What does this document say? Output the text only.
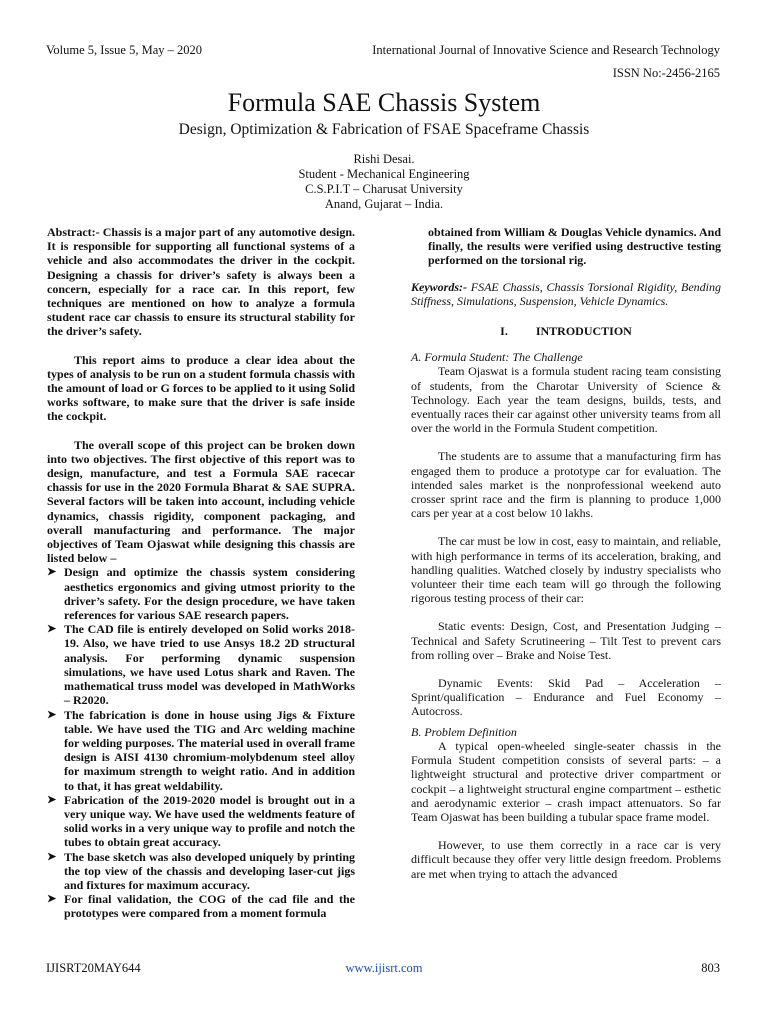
Volume 5, Issue 5, May – 2020	International Journal of Innovative Science and Research Technology
ISSN No:-2456-2165
Formula SAE Chassis System
Design, Optimization & Fabrication of FSAE Spaceframe Chassis
Rishi Desai.
Student - Mechanical Engineering
C.S.P.I.T – Charusat University
Anand, Gujarat – India.

Abstract:- Chassis is a major part of any automotive design. It is responsible for supporting all functional systems of a vehicle and also accommodates the driver in the cockpit. Designing a chassis for driver’s safety is always been a concern, especially for a race car. In this report, few techniques are mentioned on how to analyze a formula student race car chassis to ensure its structural stability for the driver’s safety.

This report aims to produce a clear idea about the types of analysis to be run on a student formula chassis with the amount of load or G forces to be applied to it using Solid works software, to make sure that the driver is safe inside the cockpit.

The overall scope of this project can be broken down into two objectives. The first objective of this report was to design, manufacture, and test a Formula SAE racecar chassis for use in the 2020 Formula Bharat & SAE SUPRA. Several factors will be taken into account, including vehicle dynamics, chassis rigidity, component packaging, and overall manufacturing and performance. The major objectives of Team Ojaswat while designing this chassis are listed below –

➤ Design and optimize the chassis system considering aesthetics ergonomics and giving utmost priority to the driver’s safety. For the design procedure, we have taken references for various SAE research papers.
➤ The CAD file is entirely developed on Solid works 2018-19. Also, we have tried to use Ansys 18.2 2D structural analysis. For performing dynamic suspension simulations, we have used Lotus shark and Raven. The mathematical truss model was developed in MathWorks – R2020.
➤ The fabrication is done in house using Jigs & Fixture table. We have used the TIG and Arc welding machine for welding purposes. The material used in overall frame design is AISI 4130 chromium-molybdenum steel alloy for maximum strength to weight ratio. And in addition to that, it has great weldability.
➤ Fabrication of the 2019-2020 model is brought out in a very unique way. We have used the weldments feature of solid works in a very unique way to profile and notch the tubes to obtain great accuracy.
➤ The base sketch was also developed uniquely by printing the top view of the chassis and developing laser-cut jigs and fixtures for maximum accuracy.
➤ For final validation, the COG of the cad file and the prototypes were compared from a moment formula

obtained from William & Douglas Vehicle dynamics. And finally, the results were verified using destructive testing performed on the torsional rig.

Keywords:- FSAE Chassis, Chassis Torsional Rigidity, Bending Stiffness, Simulations, Suspension, Vehicle Dynamics.

I. INTRODUCTION

A. Formula Student: The Challenge

Team Ojaswat is a formula student racing team consisting of students, from the Charotar University of Science & Technology. Each year the team designs, builds, tests, and eventually races their car against other university teams from all over the world in the Formula Student competition.

The students are to assume that a manufacturing firm has engaged them to produce a prototype car for evaluation. The intended sales market is the nonprofessional weekend auto crosser sprint race and the firm is planning to produce 1,000 cars per year at a cost below 10 lakhs.

The car must be low in cost, easy to maintain, and reliable, with high performance in terms of its acceleration, braking, and handling qualities. Watched closely by industry specialists who volunteer their time each team will go through the following rigorous testing process of their car:

Static events: Design, Cost, and Presentation Judging – Technical and Safety Scrutineering – Tilt Test to prevent cars from rolling over – Brake and Noise Test.

Dynamic Events: Skid Pad – Acceleration – Sprint/qualification – Endurance and Fuel Economy – Autocross.

B. Problem Definition

A typical open-wheeled single-seater chassis in the Formula Student competition consists of several parts: – a lightweight structural and protective driver compartment or cockpit – a lightweight structural engine compartment – esthetic and aerodynamic exterior – crash impact attenuators. So far Team Ojaswat has been building a tubular space frame model.

However, to use them correctly in a race car is very difficult because they offer very little design freedom. Problems are met when trying to attach the advanced

IJISRT20MAY644	www.ijisrt.com	803
